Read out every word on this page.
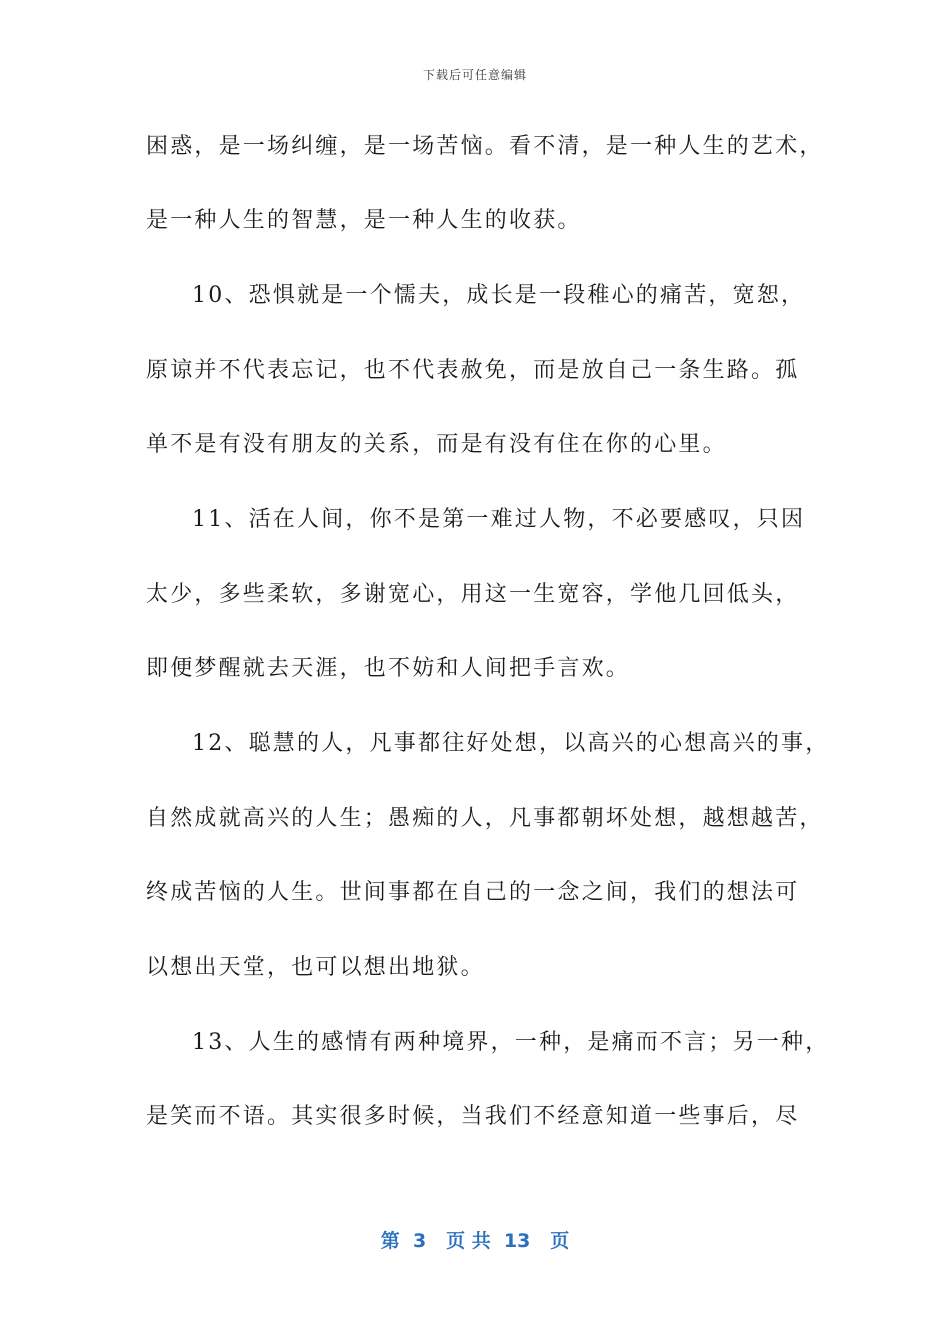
下载后可任意编辑
困惑，是一场纠缠，是一场苦恼。看不清，是一种人生的艺术，
是一种人生的智慧，是一种人生的收获。
10、恐惧就是一个懦夫，成长是一段稚心的痛苦，宽恕，
原谅并不代表忘记，也不代表赦免，而是放自己一条生路。孤
单不是有没有朋友的关系，而是有没有住在你的心里。
11、活在人间，你不是第一难过人物，不必要感叹，只因
太少，多些柔软，多谢宽心，用这一生宽容，学他几回低头，
即便梦醒就去天涯，也不妨和人间把手言欢。
12、聪慧的人，凡事都往好处想，以高兴的心想高兴的事，
自然成就高兴的人生；愚痴的人，凡事都朝坏处想，越想越苦，
终成苦恼的人生。世间事都在自己的一念之间，我们的想法可
以想出天堂，也可以想出地狱。
13、人生的感情有两种境界，一种，是痛而不言；另一种，
是笑而不语。其实很多时候，当我们不经意知道一些事后，尽
第  3   页 共  13   页
